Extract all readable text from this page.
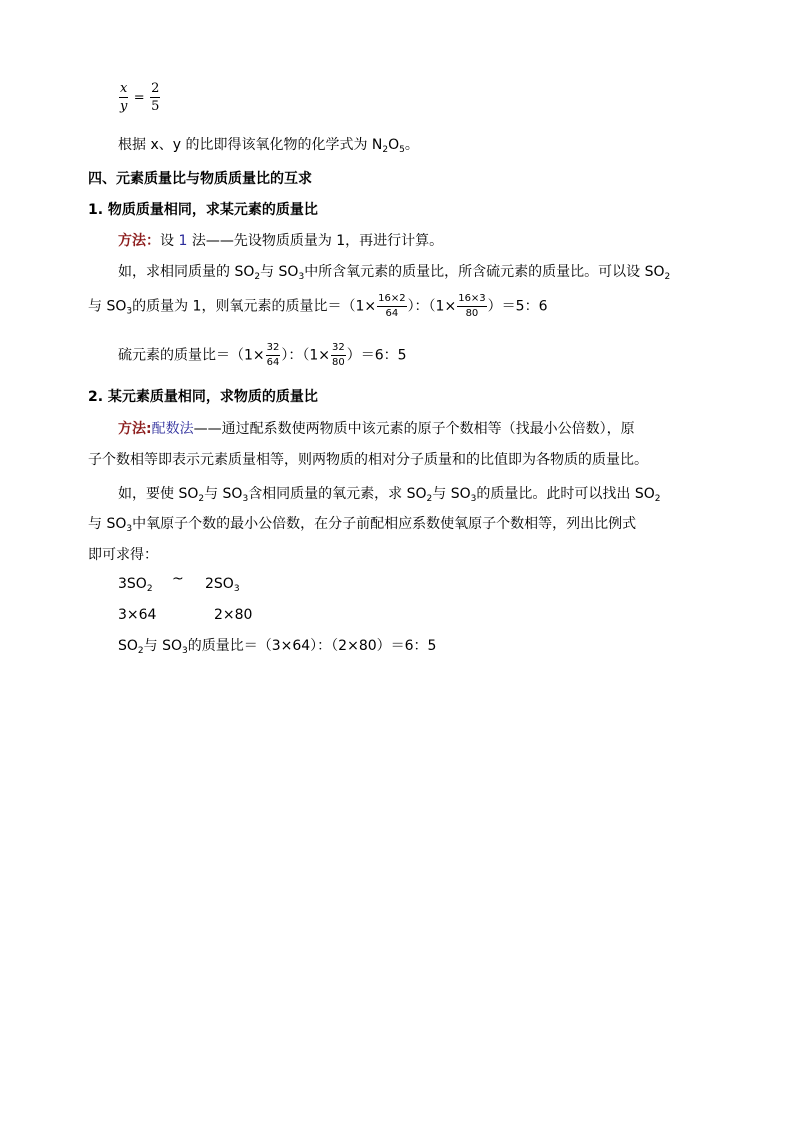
$\frac{x}{y} = \frac{2}{5}$
根据 x、y 的比即得该氧化物的化学式为 $N_2O_5$。
四、元素质量比与物质质量比的互求
1. 物质质量相同，求某元素的质量比
方法：设 1 法——先设物质质量为 1，再进行计算。
如，求相同质量的 $SO_2$与 $SO_3$中所含氧元素的质量比，所含硫元素的质量比。可以设 $SO_2$
与 $SO_3$的质量为 1，则氧元素的质量比$=(1\times \frac{16\times 2}{64}$ ）：$(1\times \frac{16\times 3}{80} )=5$：6
硫元素的质量比$=(1\times \frac{32}{64}$ ）：$(1\times \frac{32}{80} )=6$：5
2. 某元素质量相同，求物质的质量比
方法:配数法——通过配系数使两物质中该元素的原子个数相等（找最小公倍数），原
子个数相等即表示元素质量相等，则两物质的相对分子质量和的比值即为各物质的质量比。
如，要使 $SO_2$与 $SO_3$含相同质量的氧元素，求 $SO_2$与 $SO_3$的质量比。此时可以找出 $SO_2$
与 $SO_3$中氧原子个数的最小公倍数，在分子前配相应系数使氧原子个数相等，列出比例式
即可求得：
$3SO_2$
~ $2SO_3$
3×64	2×80
$SO_2$与 $SO_3$的质量比＝（3×64）：（2×80）＝6：5
